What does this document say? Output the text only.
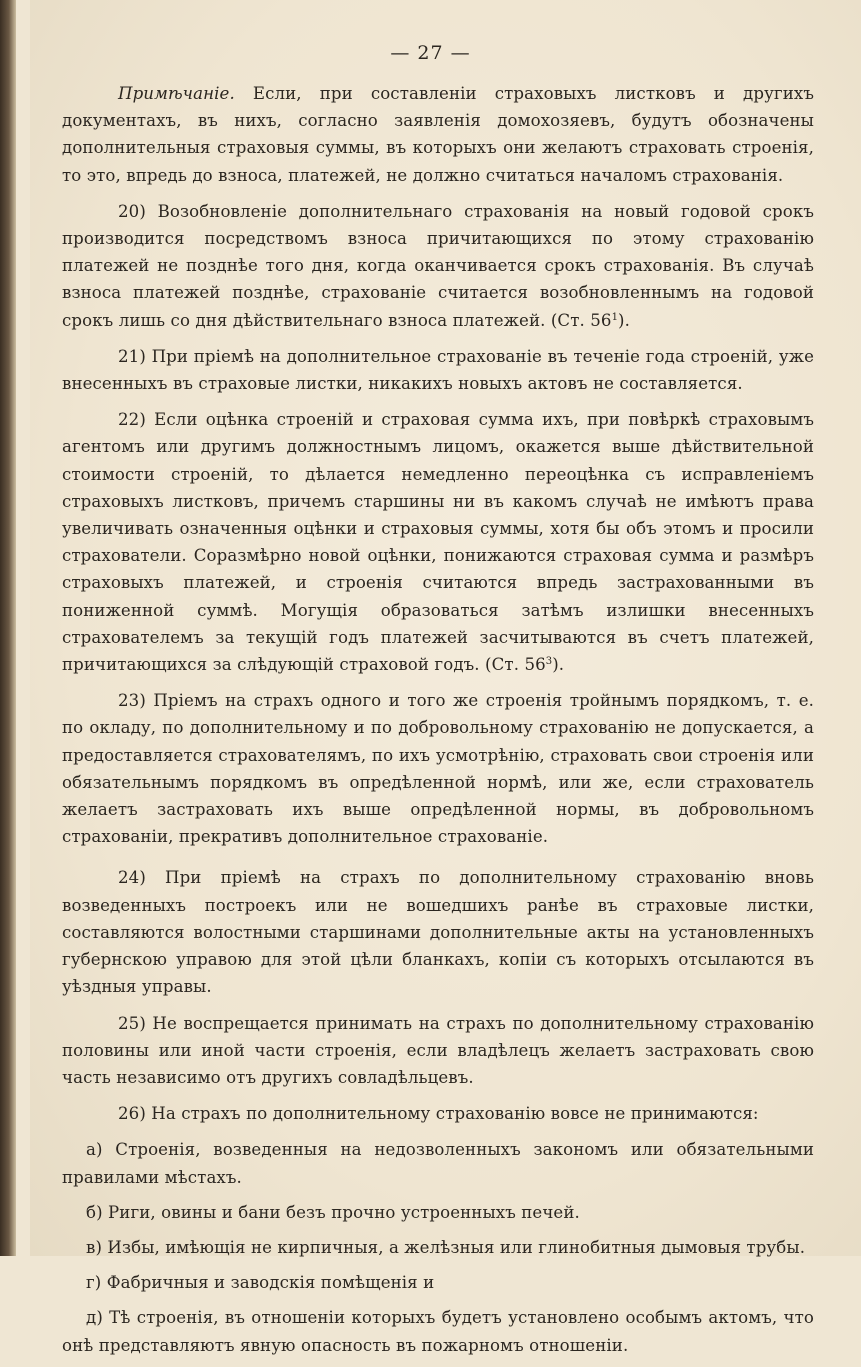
— 27 —

Примѣчаніе. Если, при составленіи страховыхъ листковъ и другихъ документахъ, въ нихъ, согласно заявленія домохозяевъ, будутъ обозначены дополнительныя страховыя суммы, въ которыхъ они желаютъ страховать строенія, то это, впредь до взноса, платежей, не должно считаться началомъ страхованія.

20) Возобновленіе дополнительнаго страхованія на новый годовой срокъ производится посредствомъ взноса причитающихся по этому страхованію платежей не позднѣе того дня, когда оканчивается срокъ страхованія. Въ случаѣ взноса платежей позднѣе, страхованіе считается возобновленнымъ на годовой срокъ лишь со дня дѣйствительнаго взноса платежей. (Ст. $56^1$).

21) При пріемѣ на дополнительное страхованіе въ теченіе года строеній, уже внесенныхъ въ страховые листки, никакихъ новыхъ актовъ не составляется.

22) Если оцѣнка строеній и страховая сумма ихъ, при повѣркѣ страховымъ агентомъ или другимъ должностнымъ лицомъ, окажется выше дѣйствительной стоимости строеній, то дѣлается немедленно переоцѣнка съ исправленіемъ страховыхъ листковъ, причемъ старшины ни въ какомъ случаѣ не имѣютъ права увеличивать означенныя оцѣнки и страховыя суммы, хотя бы объ этомъ и просили страхователи. Соразмѣрно новой оцѣнки, понижаются страховая сумма и размѣръ страховыхъ платежей, и строенія считаются впредь застрахованными въ пониженной суммѣ. Могущія образоваться затѣмъ излишки внесенныхъ страхователемъ за текущій годъ платежей засчитываются въ счетъ платежей, причитающихся за слѣдующій страховой годъ. (Ст. $56^3$).

23) Пріемъ на страхъ одного и того же строенія тройнымъ порядкомъ, т. е. по окладу, по дополнительному и по добровольному страхованію не допускается, а предоставляется страхователямъ, по ихъ усмотрѣнію, страховать свои строенія или обязательнымъ порядкомъ въ опредѣленной нормѣ, или же, если страхователь желаетъ застраховать ихъ выше опредѣленной нормы, въ добровольномъ страхованіи, прекративъ дополнительное страхованіе.

24) При пріемѣ на страхъ по дополнительному страхованію вновь возведенныхъ построекъ или не вошедшихъ ранѣе въ страховые листки, составляются волостными старшинами дополнительные акты на установленныхъ губернскою управою для этой цѣли бланкахъ, копіи съ которыхъ отсылаются въ уѣздныя управы.

25) Не воспрещается принимать на страхъ по дополнительному страхованію половины или иной части строенія, если владѣлецъ желаетъ застраховать свою часть независимо отъ другихъ совладѣльцевъ.

26) На страхъ по дополнительному страхованію вовсе не принимаются:

а) Строенія, возведенныя на недозволенныхъ закономъ или обязательными правилами мѣстахъ.

б) Риги, овины и бани безъ прочно устроенныхъ печей.

в) Избы, имѣющія не кирпичныя, а желѣзныя или глинобитныя дымовыя трубы.

г) Фабричныя и заводскія помѣщенія и

д) Тѣ строенія, въ отношеніи которыхъ будетъ установлено особымъ актомъ, что онѣ представляютъ явную опасность въ пожарномъ отношеніи.
